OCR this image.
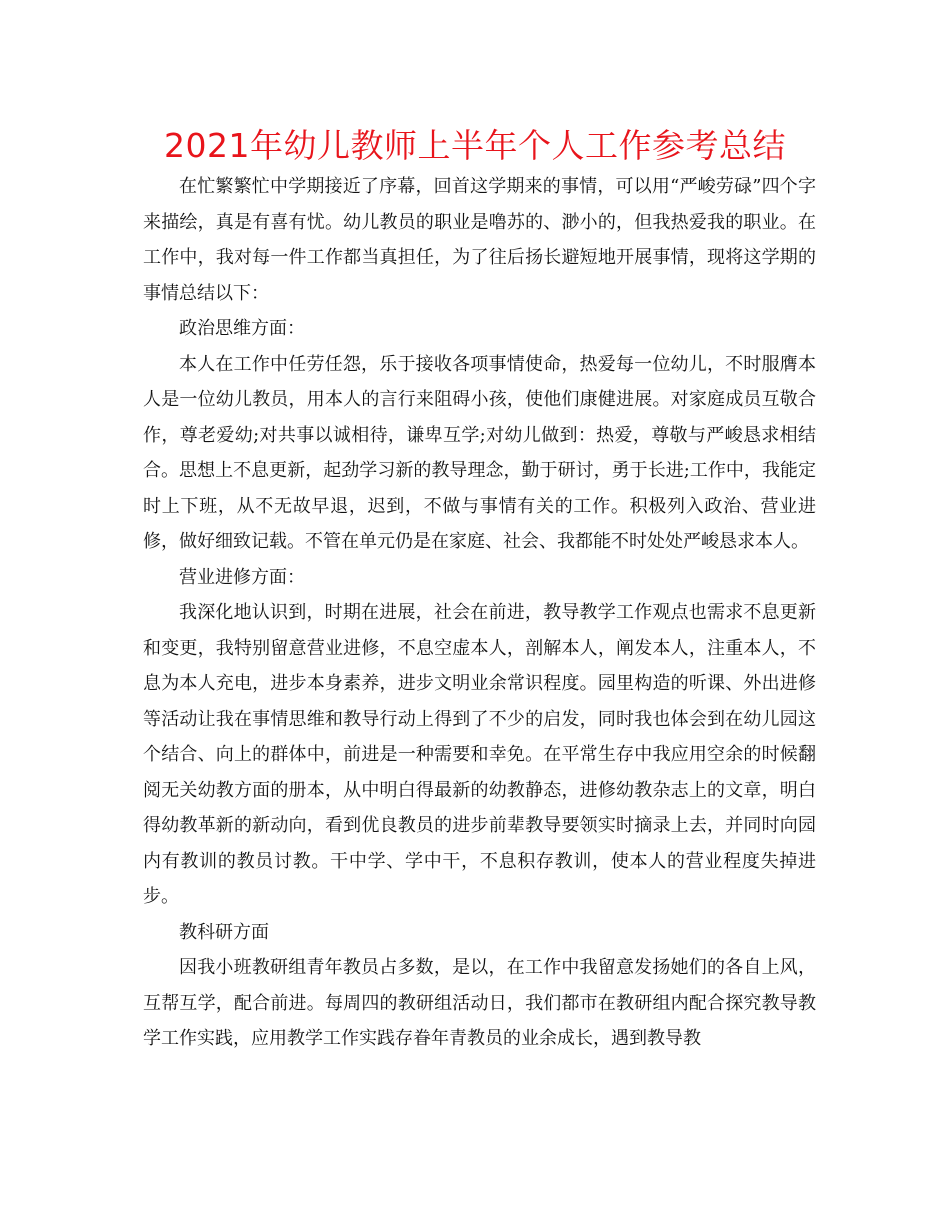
2021年幼儿教师上半年个人工作参考总结

在忙繁繁忙中学期接近了序幕，回首这学期来的事情，可以用“严峻劳碌”四个字来描绘，真是有喜有忧。幼儿教员的职业是噜苏的、渺小的，但我热爱我的职业。在工作中，我对每一件工作都当真担任，为了往后扬长避短地开展事情，现将这学期的事情总结以下：

政治思维方面：

本人在工作中任劳任怨，乐于接收各项事情使命，热爱每一位幼儿，不时服膺本人是一位幼儿教员，用本人的言行来阻碍小孩，使他们康健进展。对家庭成员互敬合作，尊老爱幼;对共事以诚相待，谦卑互学;对幼儿做到：热爱，尊敬与严峻恳求相结合。思想上不息更新，起劲学习新的教导理念，勤于研讨，勇于长进;工作中，我能定时上下班，从不无故早退，迟到，不做与事情有关的工作。积极列入政治、营业进修，做好细致记载。不管在单元仍是在家庭、社会、我都能不时处处严峻恳求本人。

营业进修方面：

我深化地认识到，时期在进展，社会在前进，教导教学工作观点也需求不息更新和变更，我特别留意营业进修，不息空虚本人，剖解本人，阐发本人，注重本人，不息为本人充电，进步本身素养，进步文明业余常识程度。园里构造的听课、外出进修等活动让我在事情思维和教导行动上得到了不少的启发，同时我也体会到在幼儿园这个结合、向上的群体中，前进是一种需要和幸免。在平常生存中我应用空余的时候翻阅无关幼教方面的册本，从中明白得最新的幼教静态，进修幼教杂志上的文章，明白得幼教革新的新动向，看到优良教员的进步前辈教导要领实时摘录上去，并同时向园内有教训的教员讨教。干中学、学中干，不息积存教训，使本人的营业程度失掉进步。

教科研方面

因我小班教研组青年教员占多数，是以，在工作中我留意发扬她们的各自上风，互帮互学，配合前进。每周四的教研组活动日，我们都市在教研组内配合探究教导教学工作实践，应用教学工作实践存眷年青教员的业余成长，遇到教导教
